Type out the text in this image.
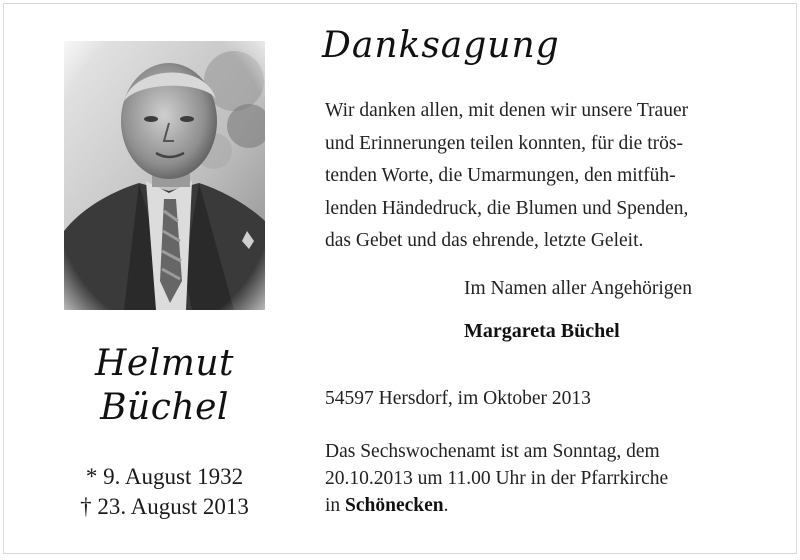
Helmut
Büchel
* 9. August 1932
† 23. August 2013
Danksagung
Wir danken allen, mit denen wir unsere Trauer
und Erinnerungen teilen konnten, für die trös-
tenden Worte, die Umarmungen, den mitfüh-
lenden Händedruck, die Blumen und Spenden,
das Gebet und das ehrende, letzte Geleit.
Im Namen aller Angehörigen
Margareta Büchel
54597 Hersdorf, im Oktober 2013
Das Sechswochenamt ist am Sonntag, dem
20.10.2013 um 11.00 Uhr in der Pfarrkirche
in Schönecken.
